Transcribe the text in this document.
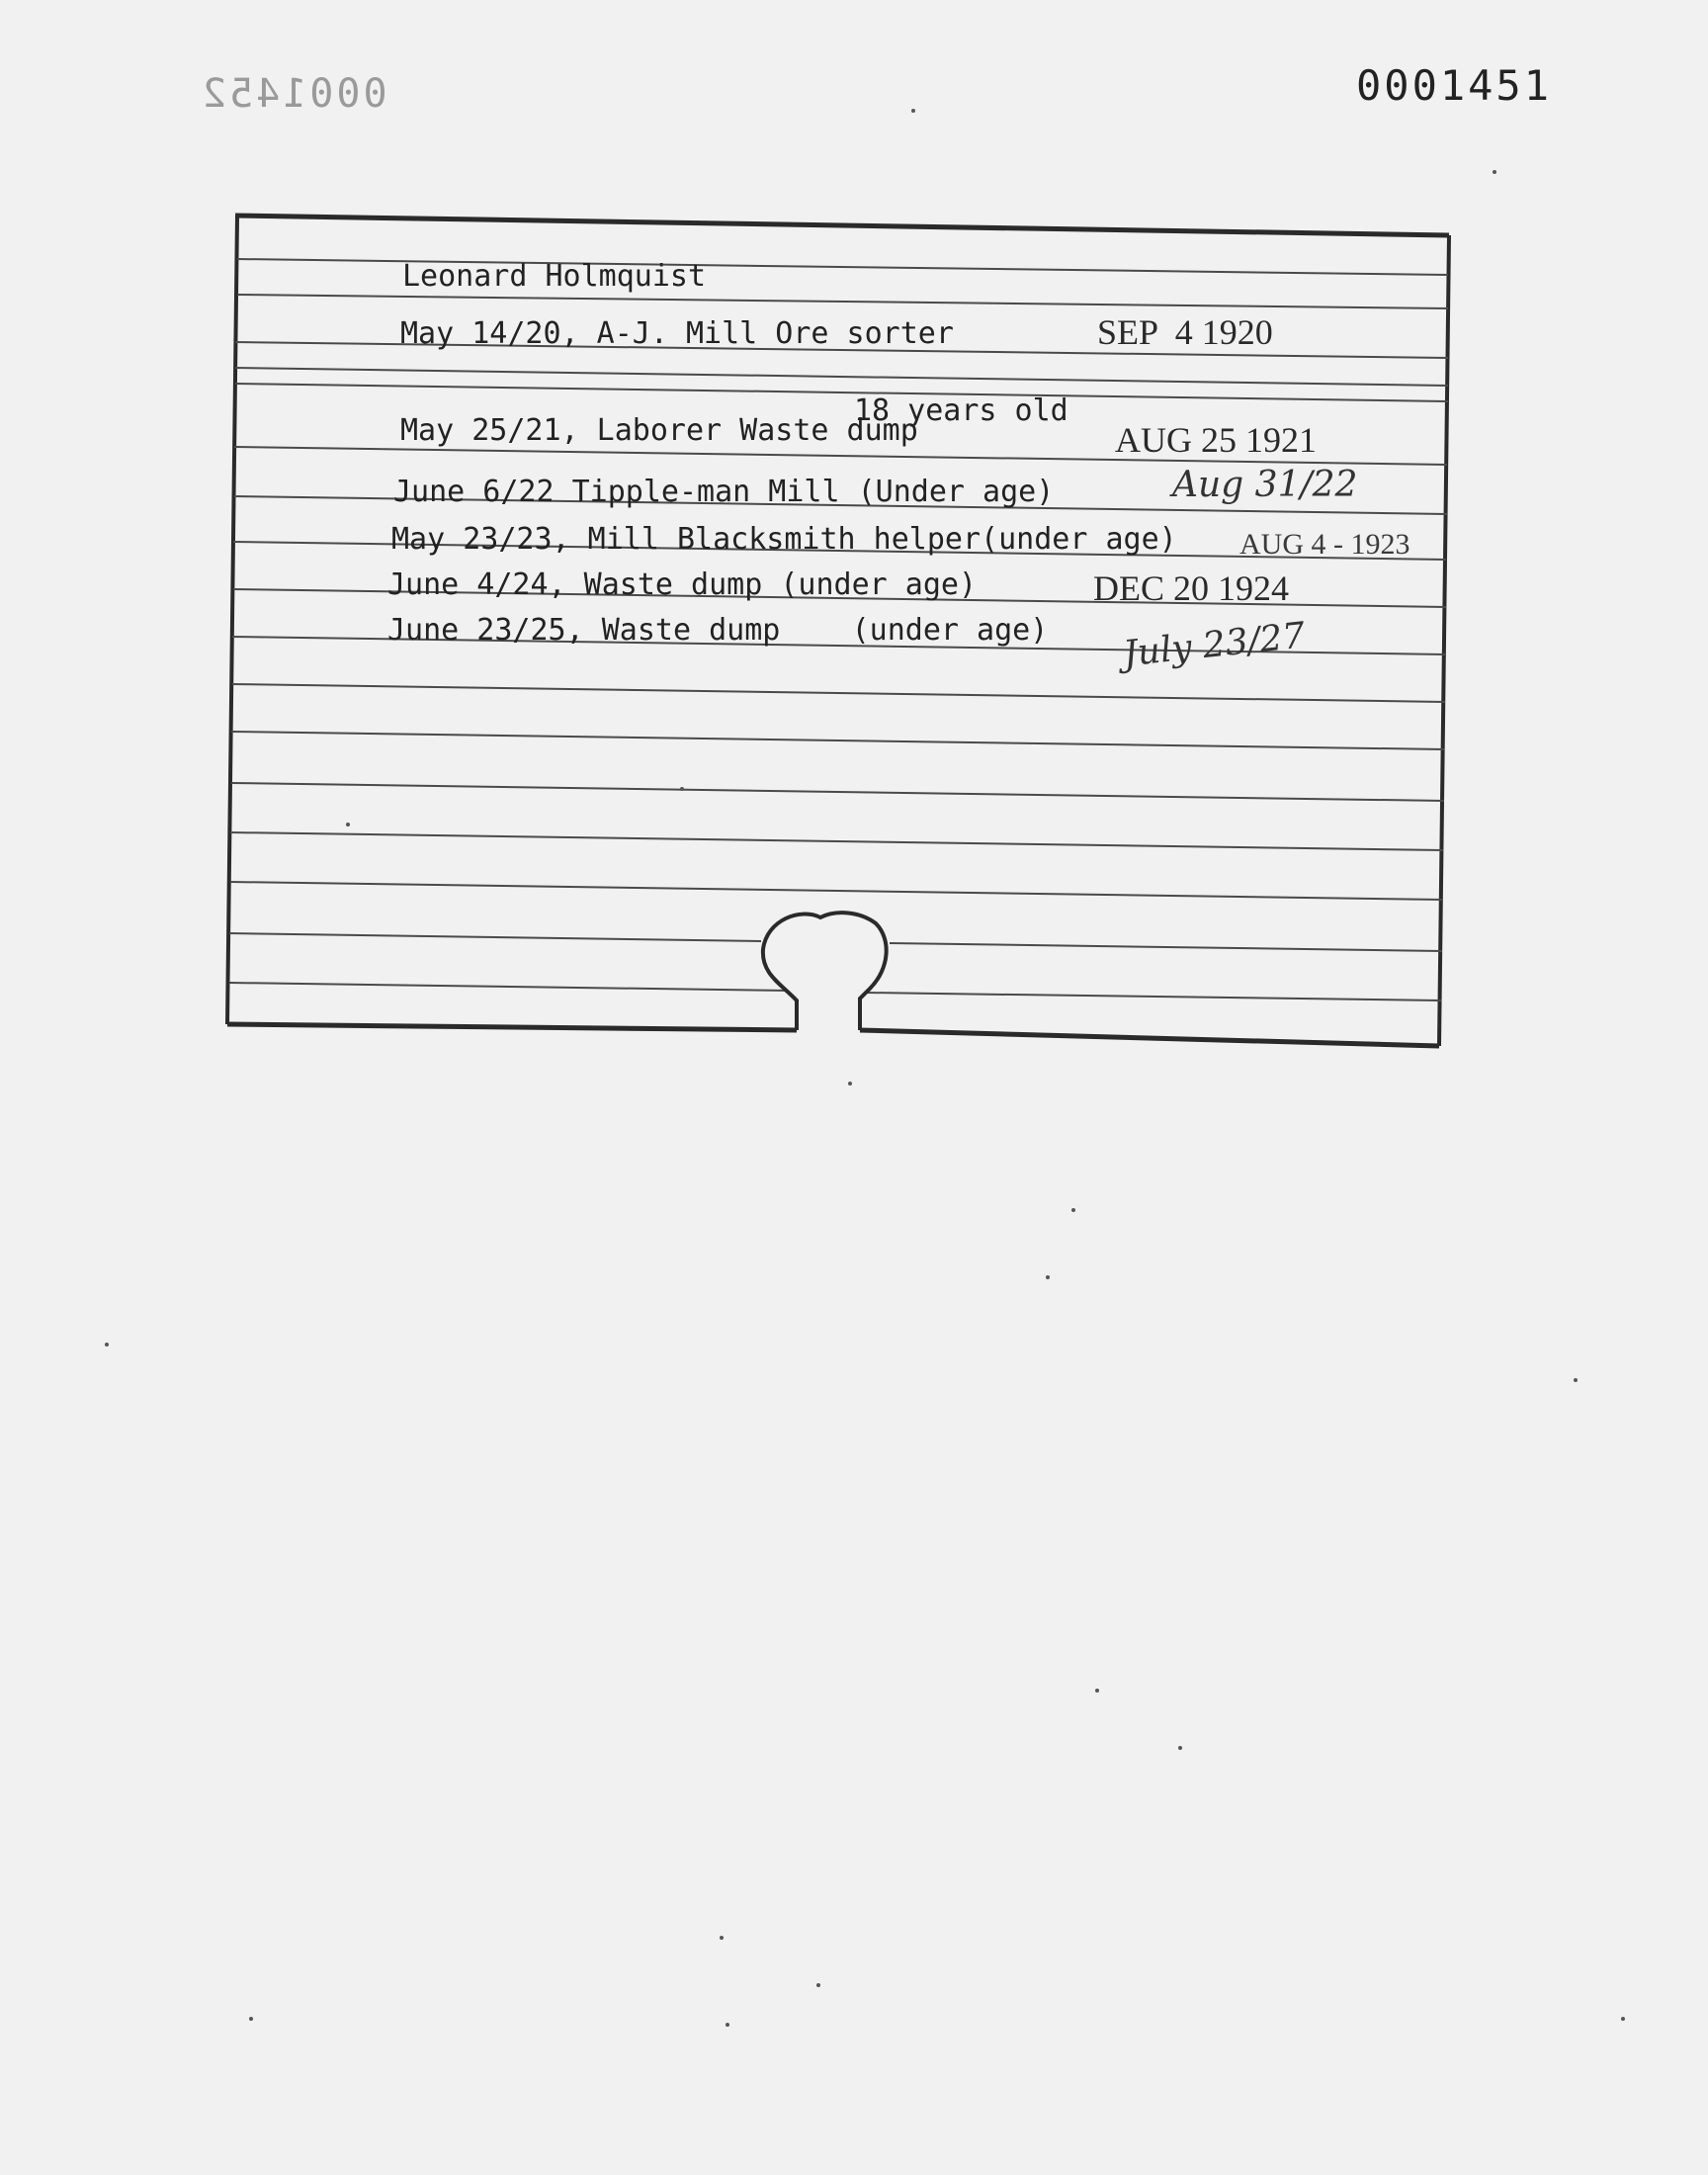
0001452	0001451
Leonard Holmquist
May 14/20, A-J. Mill Ore sorter	SEP  4 1920
18 years old
May 25/21, Laborer Waste dump	AUG 25 1921
June 6/22 Tipple-man Mill (Under age)	Aug 31/22
May 23/23, Mill Blacksmith helper(under age) AUG 4 - 1923
June 4/24, Waste dump (under age)	DEC 20 1924
June 23/25, Waste dump    (under age) July 23/27
